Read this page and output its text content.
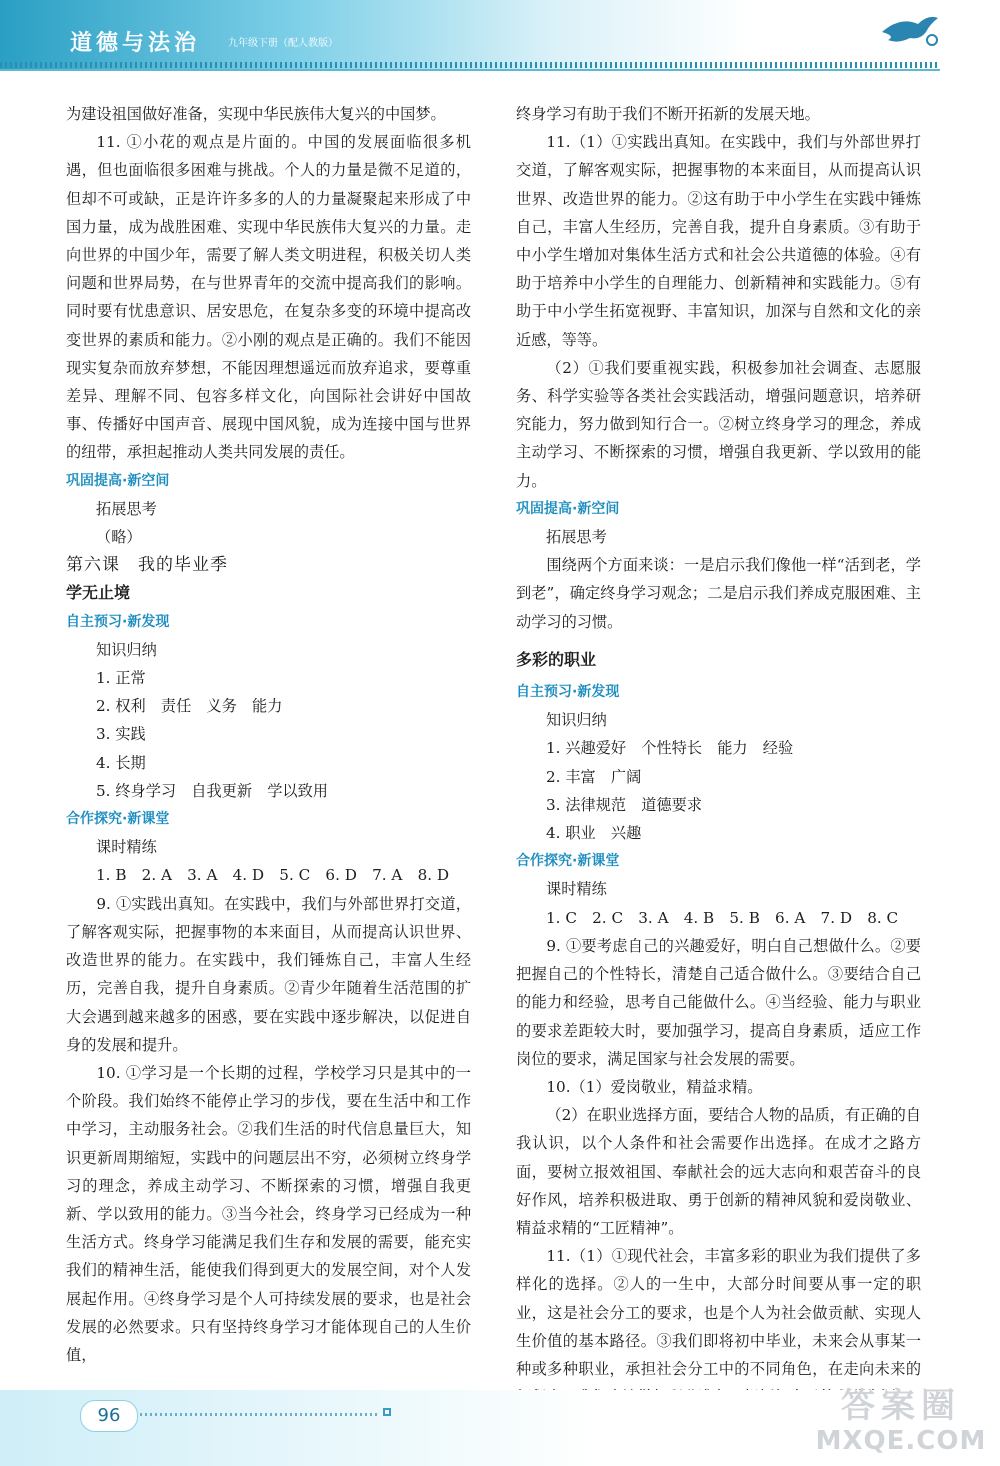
道德与法治	九年级下册（配人教版）

为建设祖国做好准备，实现中华民族伟大复兴的中国梦。

11. ①小花的观点是片面的。中国的发展面临很多机遇，但也面临很多困难与挑战。个人的力量是微不足道的，但却不可或缺，正是许许多多的人的力量凝聚起来形成了中国力量，成为战胜困难、实现中华民族伟大复兴的力量。走向世界的中国少年，需要了解人类文明进程，积极关切人类问题和世界局势，在与世界青年的交流中提高我们的影响。同时要有忧患意识、居安思危，在复杂多变的环境中提高改变世界的素质和能力。②小刚的观点是正确的。我们不能因现实复杂而放弃梦想，不能因理想遥远而放弃追求，要尊重差异、理解不同、包容多样文化，向国际社会讲好中国故事、传播好中国声音、展现中国风貌，成为连接中国与世界的纽带，承担起推动人类共同发展的责任。

巩固提高·新空间

拓展思考

（略）

第六课　我的毕业季

学无止境

自主预习·新发现

知识归纳

1. 正常

2. 权利　责任　义务　能力

3. 实践

4. 长期

5. 终身学习　自我更新　学以致用

合作探究·新课堂

课时精练

1. B　2. A　3. A　4. D　5. C　6. D　7. A　8. D

9. ①实践出真知。在实践中，我们与外部世界打交道，了解客观实际，把握事物的本来面目，从而提高认识世界、改造世界的能力。在实践中，我们锤炼自己，丰富人生经历，完善自我，提升自身素质。②青少年随着生活范围的扩大会遇到越来越多的困惑，要在实践中逐步解决，以促进自身的发展和提升。

10. ①学习是一个长期的过程，学校学习只是其中的一个阶段。我们始终不能停止学习的步伐，要在生活中和工作中学习，主动服务社会。②我们生活的时代信息量巨大，知识更新周期缩短，实践中的问题层出不穷，必须树立终身学习的理念，养成主动学习、不断探索的习惯，增强自我更新、学以致用的能力。③当今社会，终身学习已经成为一种生活方式。终身学习能满足我们生存和发展的需要，能充实我们的精神生活，能使我们得到更大的发展空间，对个人发展起作用。④终身学习是个人可持续发展的要求，也是社会发展的必然要求。只有坚持终身学习才能体现自己的人生价值，

终身学习有助于我们不断开拓新的发展天地。

11.（1）①实践出真知。在实践中，我们与外部世界打交道，了解客观实际，把握事物的本来面目，从而提高认识世界、改造世界的能力。②这有助于中小学生在实践中锤炼自己，丰富人生经历，完善自我，提升自身素质。③有助于中小学生增加对集体生活方式和社会公共道德的体验。④有助于培养中小学生的自理能力、创新精神和实践能力。⑤有助于中小学生拓宽视野、丰富知识，加深与自然和文化的亲近感，等等。

（2）①我们要重视实践，积极参加社会调查、志愿服务、科学实验等各类社会实践活动，增强问题意识，培养研究能力，努力做到知行合一。②树立终身学习的理念，养成主动学习、不断探索的习惯，增强自我更新、学以致用的能力。

巩固提高·新空间

拓展思考

围绕两个方面来谈：一是启示我们像他一样“活到老，学到老”，确定终身学习观念；二是启示我们养成克服困难、主动学习的习惯。

多彩的职业

自主预习·新发现

知识归纳

1. 兴趣爱好　个性特长　能力　经验

2. 丰富　广阔

3. 法律规范　道德要求

4. 职业　兴趣

合作探究·新课堂

课时精练

1. C　2. C　3. A　4. B　5. B　6. A　7. D　8. C

9. ①要考虑自己的兴趣爱好，明白自己想做什么。②要把握自己的个性特长，清楚自己适合做什么。③要结合自己的能力和经验，思考自己能做什么。④当经验、能力与职业的要求差距较大时，要加强学习，提高自身素质，适应工作岗位的要求，满足国家与社会发展的需要。

10.（1）爱岗敬业，精益求精。

（2）在职业选择方面，要结合人物的品质，有正确的自我认识，以个人条件和社会需要作出选择。在成才之路方面，要树立报效祖国、奉献社会的远大志向和艰苦奋斗的良好作风，培养积极进取、勇于创新的精神风貌和爱岗敬业、精益求精的“工匠精神”。

11.（1）①现代社会，丰富多彩的职业为我们提供了多样化的选择。②人的一生中，大部分时间要从事一定的职业，这是社会分工的要求，也是个人为社会做贡献、实现人生价值的基本路径。③我们即将初中毕业，未来会从事某一种或多种职业，承担社会分工中的不同角色，在走向未来的

96	答案圈
MXQE.COM
